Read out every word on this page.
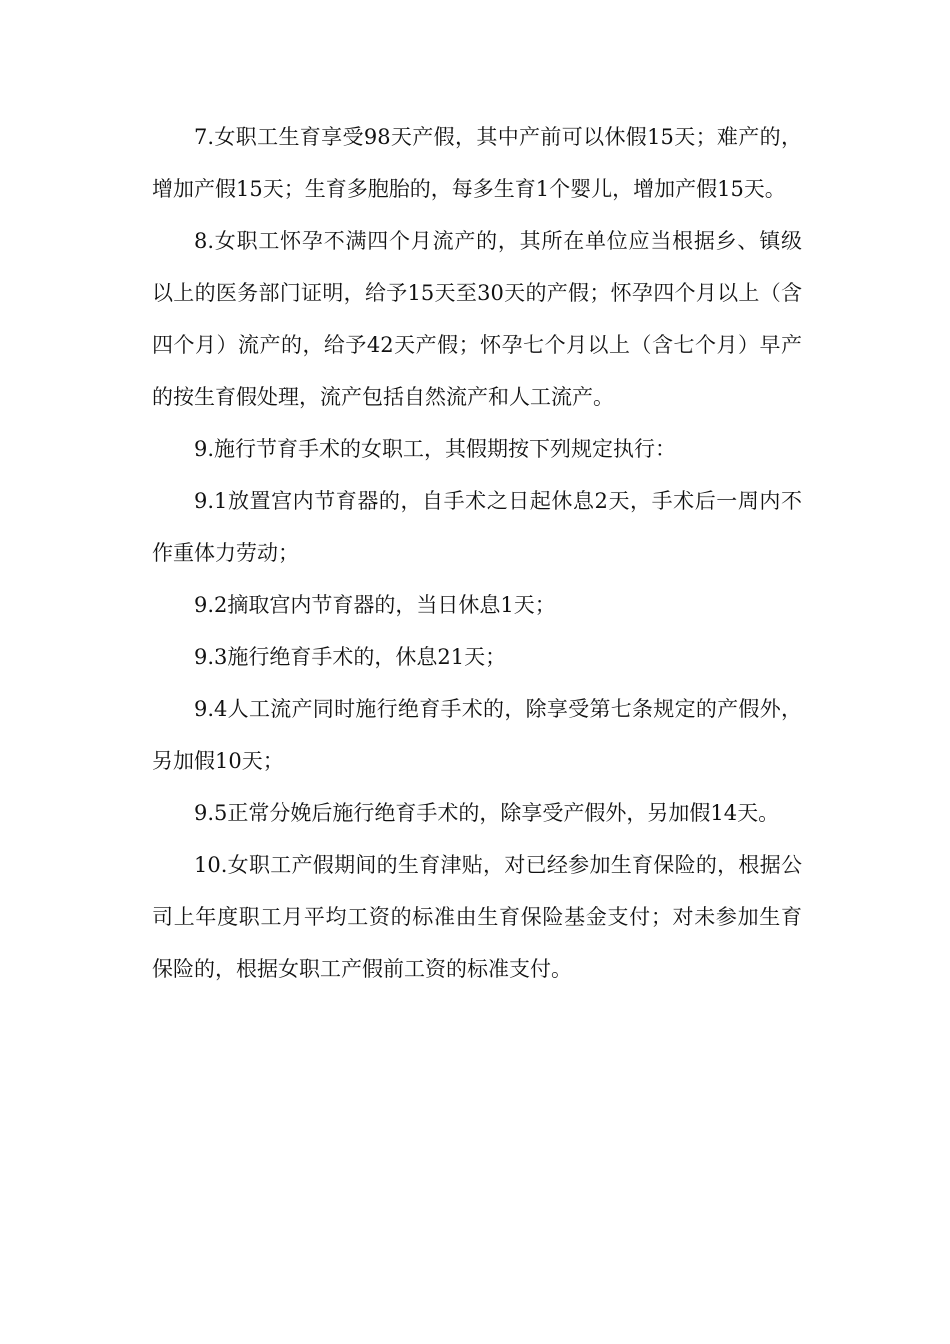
7.女职工生育享受98天产假，其中产前可以休假15天；难产的，增加产假15天；生育多胞胎的，每多生育1个婴儿，增加产假15天。

8.女职工怀孕不满四个月流产的，其所在单位应当根据乡、镇级以上的医务部门证明，给予15天至30天的产假；怀孕四个月以上（含四个月）流产的，给予42天产假；怀孕七个月以上（含七个月）早产的按生育假处理，流产包括自然流产和人工流产。

9.施行节育手术的女职工，其假期按下列规定执行：

9.1放置宫内节育器的，自手术之日起休息2天，手术后一周内不作重体力劳动；

9.2摘取宫内节育器的，当日休息1天；

9.3施行绝育手术的，休息21天；

9.4人工流产同时施行绝育手术的，除享受第七条规定的产假外，另加假10天；

9.5正常分娩后施行绝育手术的，除享受产假外，另加假14天。

10.女职工产假期间的生育津贴，对已经参加生育保险的，根据公司上年度职工月平均工资的标准由生育保险基金支付；对未参加生育保险的，根据女职工产假前工资的标准支付。
